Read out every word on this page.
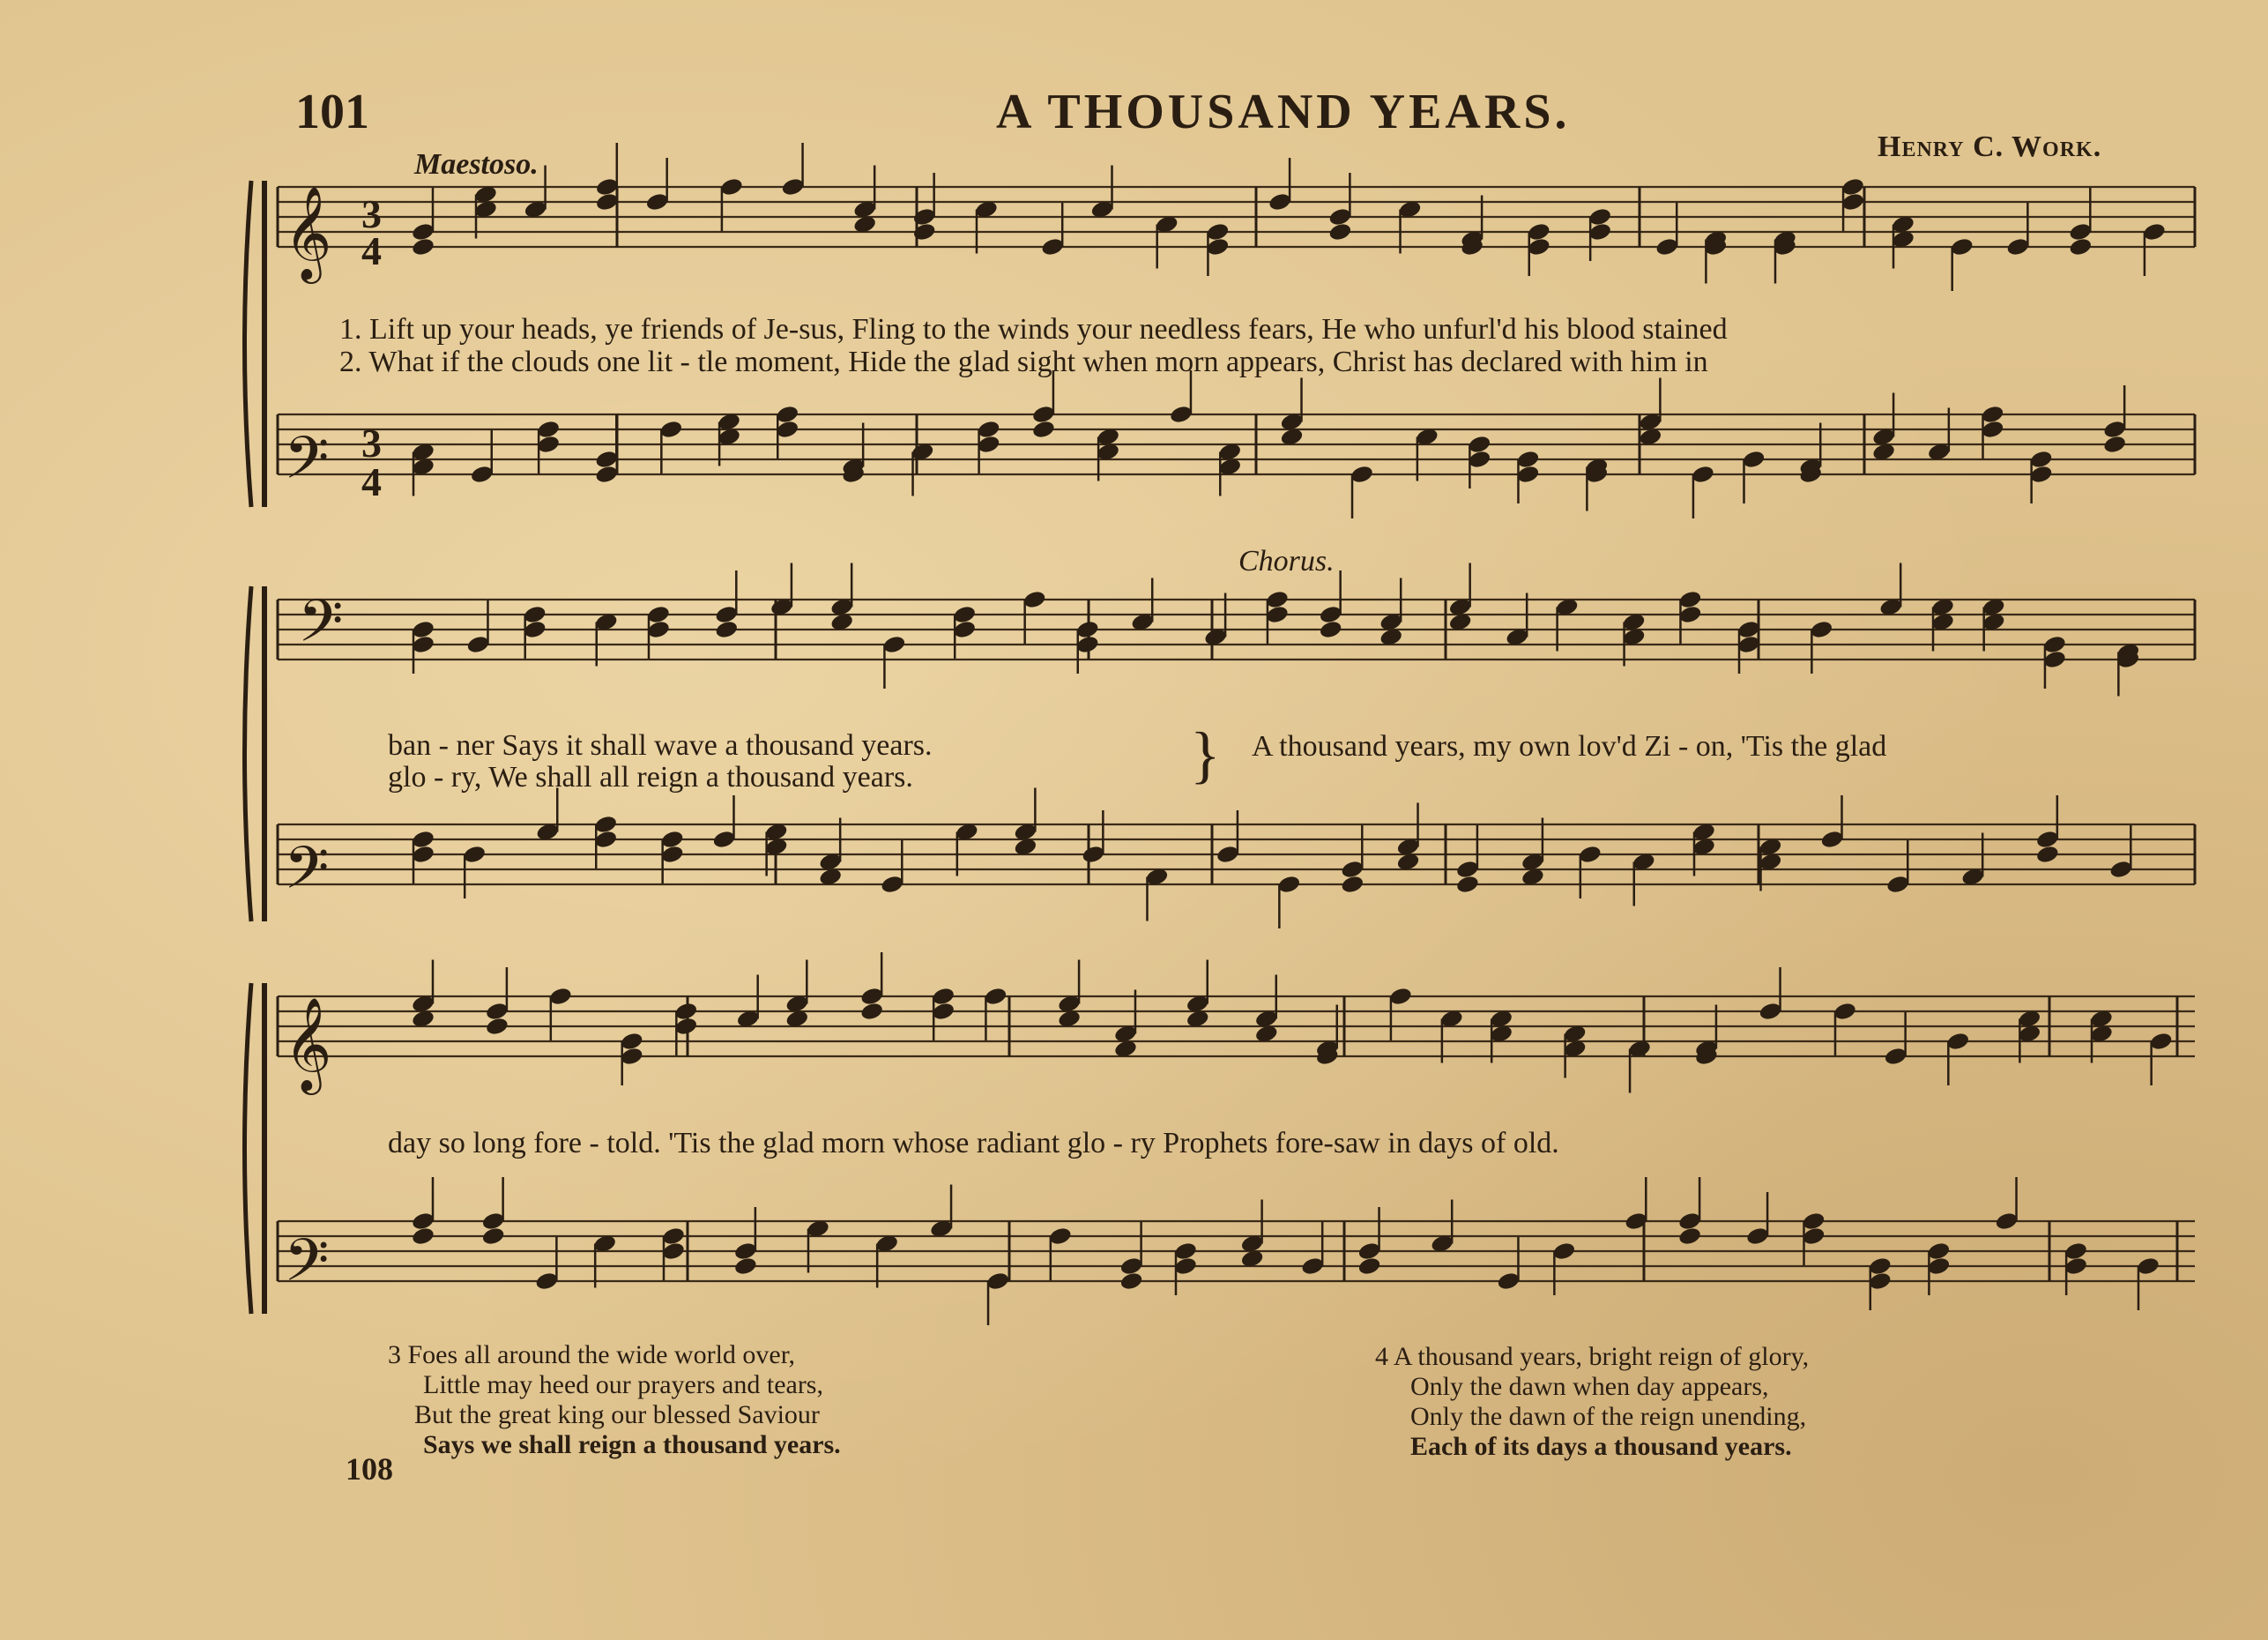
101	A THOUSAND YEARS.
Henry C. Work.
Maestoso.
Chorus.
𝄞
𝄢
3
4
3
4
𝄢
𝄢
𝄞
𝄢
1. Lift up your heads, ye friends of Je-sus, Fling to the winds your needless fears, He who unfurl'd his blood stained
2. What if the clouds one lit - tle moment, Hide the glad sight when morn appears, Christ has declared with him in
ban - ner Says it shall wave a thousand years.
glo - ry, We shall all reign a thousand years.	} A thousand years, my own lov'd Zi - on, 'Tis the glad
day so long fore - told. 'Tis the glad morn whose radiant glo - ry Prophets fore-saw in days of old.
3 Foes all around the wide world over,
Little may heed our prayers and tears,
But the great king our blessed Saviour
Says we shall reign a thousand years.
4 A thousand years, bright reign of glory,
Only the dawn when day appears,
Only the dawn of the reign unending,
Each of its days a thousand years.
108
